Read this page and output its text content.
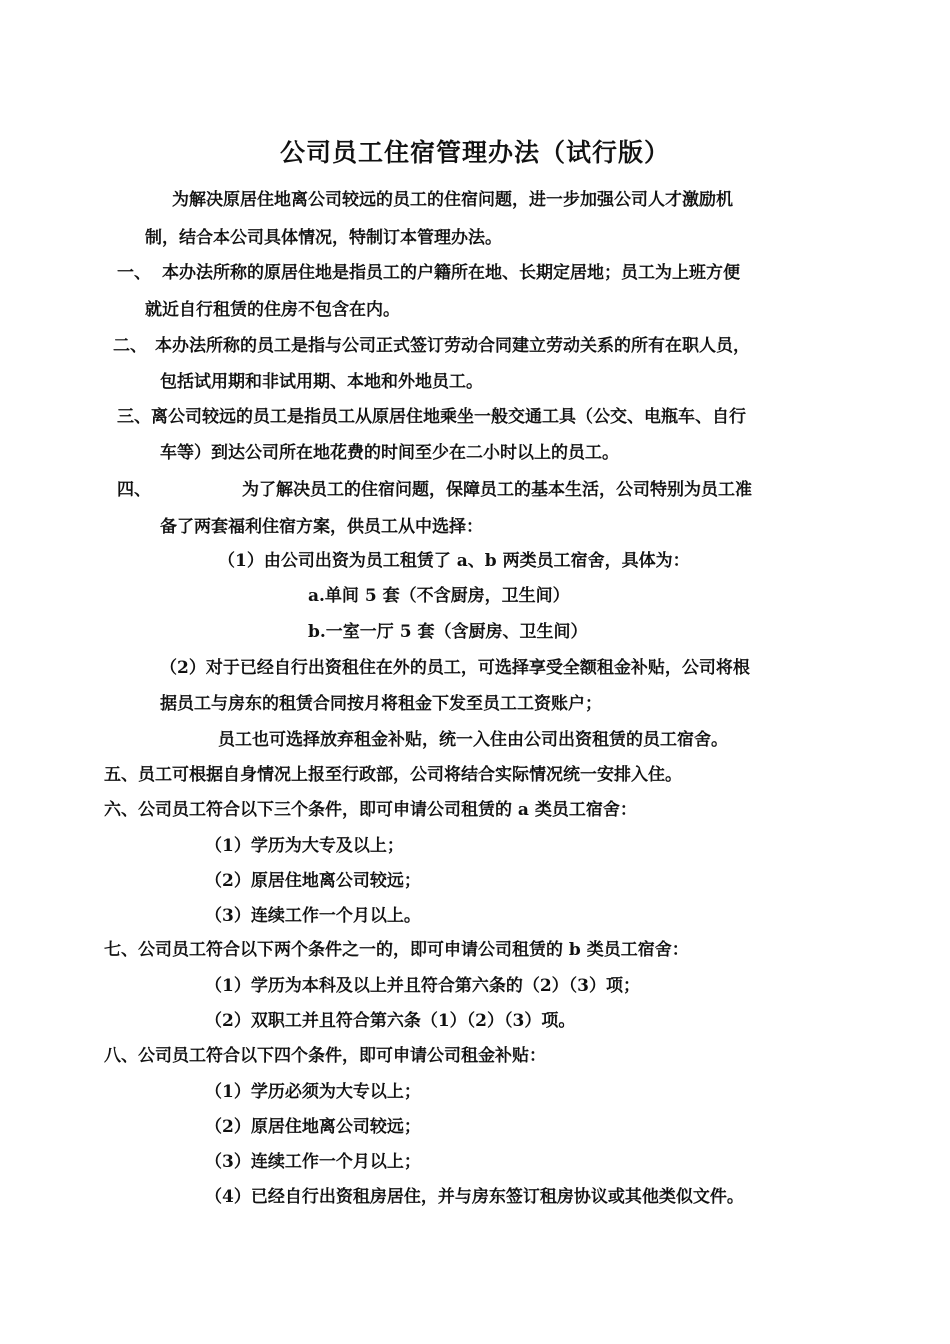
公司员工住宿管理办法（试行版）
为解决原居住地离公司较远的员工的住宿问题，进一步加强公司人才激励机
制，结合本公司具体情况，特制订本管理办法。
一、 本办法所称的原居住地是指员工的户籍所在地、长期定居地；员工为上班方便
就近自行租赁的住房不包含在内。
二、 本办法所称的员工是指与公司正式签订劳动合同建立劳动关系的所有在职人员，
包括试用期和非试用期、本地和外地员工。
三、离公司较远的员工是指员工从原居住地乘坐一般交通工具（公交、电瓶车、自行
车等）到达公司所在地花费的时间至少在二小时以上的员工。
四、	为了解决员工的住宿问题，保障员工的基本生活，公司特别为员工准
备了两套福利住宿方案，供员工从中选择：
（1）由公司出资为员工租赁了 a、b 两类员工宿舍，具体为：
a.单间 5 套（不含厨房，卫生间）
b.一室一厅 5 套（含厨房、卫生间）
（2）对于已经自行出资租住在外的员工，可选择享受全额租金补贴，公司将根
据员工与房东的租赁合同按月将租金下发至员工工资账户；
员工也可选择放弃租金补贴，统一入住由公司出资租赁的员工宿舍。
五、员工可根据自身情况上报至行政部，公司将结合实际情况统一安排入住。
六、公司员工符合以下三个条件，即可申请公司租赁的 a 类员工宿舍：
（1）学历为大专及以上；
（2）原居住地离公司较远；
（3）连续工作一个月以上。
七、公司员工符合以下两个条件之一的，即可申请公司租赁的 b 类员工宿舍：
（1）学历为本科及以上并且符合第六条的（2）（3）项；
（2）双职工并且符合第六条（1）（2）（3）项。
八、公司员工符合以下四个条件，即可申请公司租金补贴：
（1）学历必须为大专以上；
（2）原居住地离公司较远；
（3）连续工作一个月以上；
（4）已经自行出资租房居住，并与房东签订租房协议或其他类似文件。
